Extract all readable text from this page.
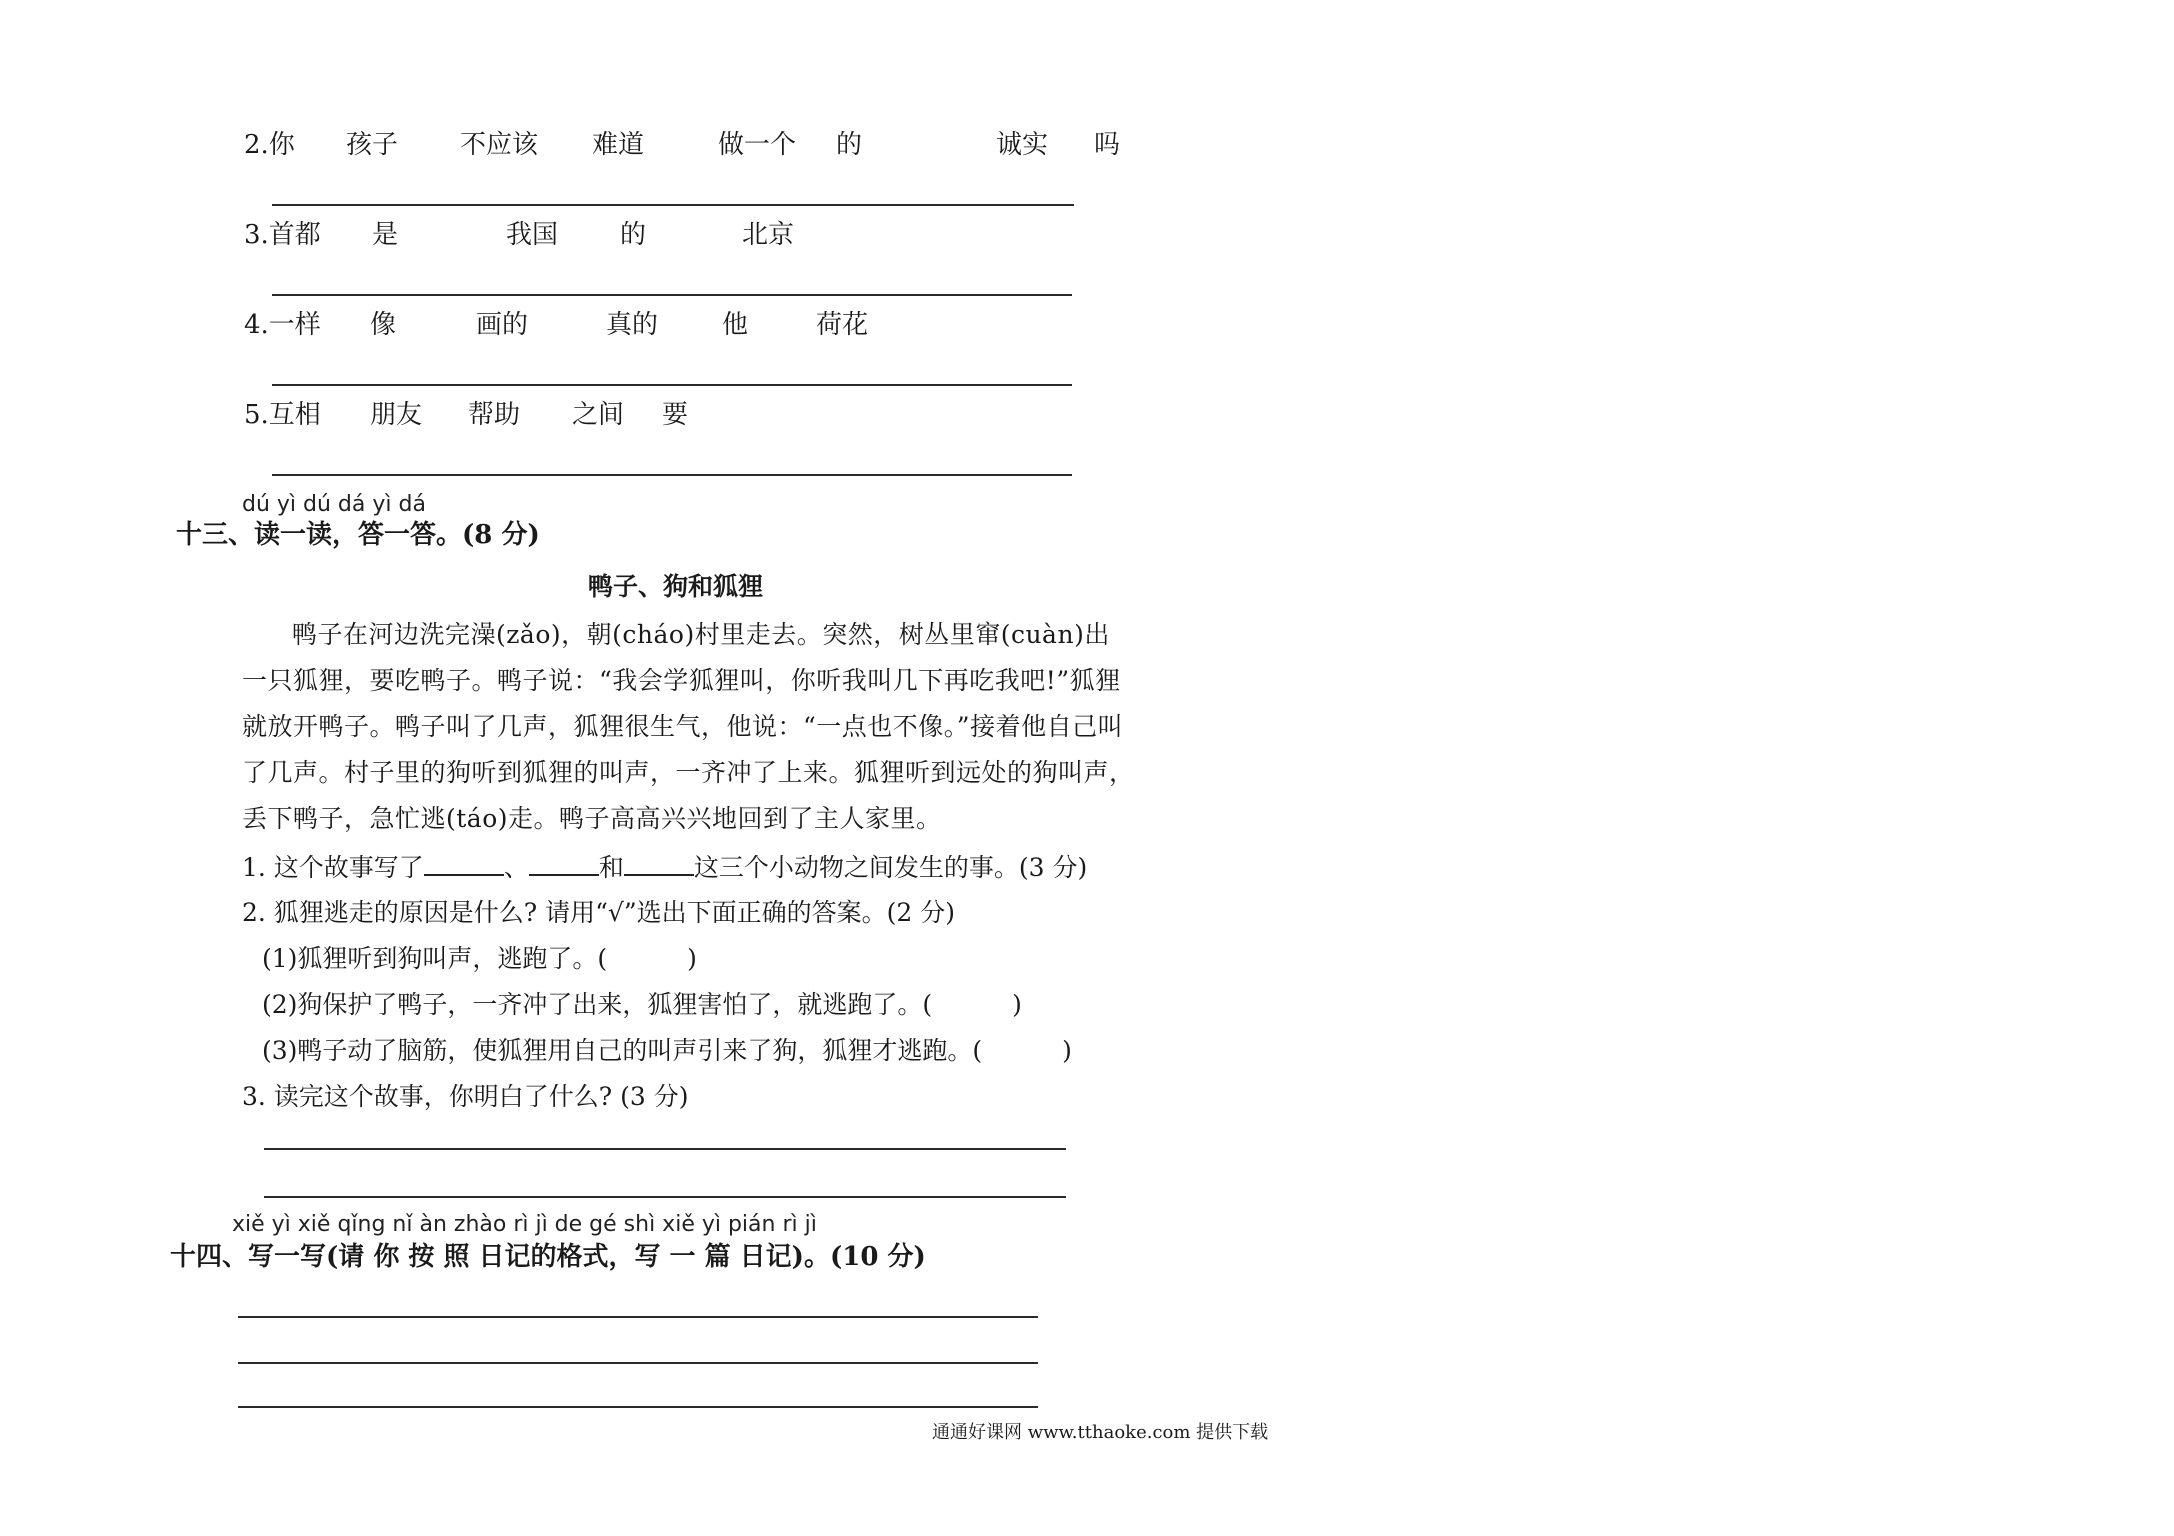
2.你 孩子 不应该 难道	做一个 的	诚实 吗
3.首都 是	我国 的	北京
4.一样 像	画的	真的 他	荷花
5.互相 朋友 帮助 之间 要
dú yì dú dá yì dá
十三、读一读，答一答。(8 分)
鸭子、狗和狐狸
鸭子在河边洗完澡(zǎo)，朝(cháo)村里走去。突然，树丛里窜(cuàn)出
一只狐狸，要吃鸭子。鸭子说：“我会学狐狸叫，你听我叫几下再吃我吧!”狐狸
就放开鸭子。鸭子叫了几声，狐狸很生气，他说：“一点也不像。”接着他自己叫
了几声。村子里的狗听到狐狸的叫声，一齐冲了上来。狐狸听到远处的狗叫声，
丢下鸭子，急忙逃(táo)走。鸭子高高兴兴地回到了主人家里。
1. 这个故事写了	、	和	这三个小动物之间发生的事。(3 分)
2. 狐狸逃走的原因是什么? 请用“√”选出下面正确的答案。(2 分)
(1)狐狸听到狗叫声，逃跑了。(	)
(2)狗保护了鸭子，一齐冲了出来，狐狸害怕了，就逃跑了。(	)
(3)鸭子动了脑筋，使狐狸用自己的叫声引来了狗，狐狸才逃跑。(	)
3. 读完这个故事，你明白了什么? (3 分)
xiě yì xiě qǐng nǐ àn zhào rì jì de gé shì xiě yì pián rì jì
十四、写一写(请 你 按 照 日记的格式，写 一 篇 日记)。(10 分)
通通好课网 www.tthaoke.com 提供下载
